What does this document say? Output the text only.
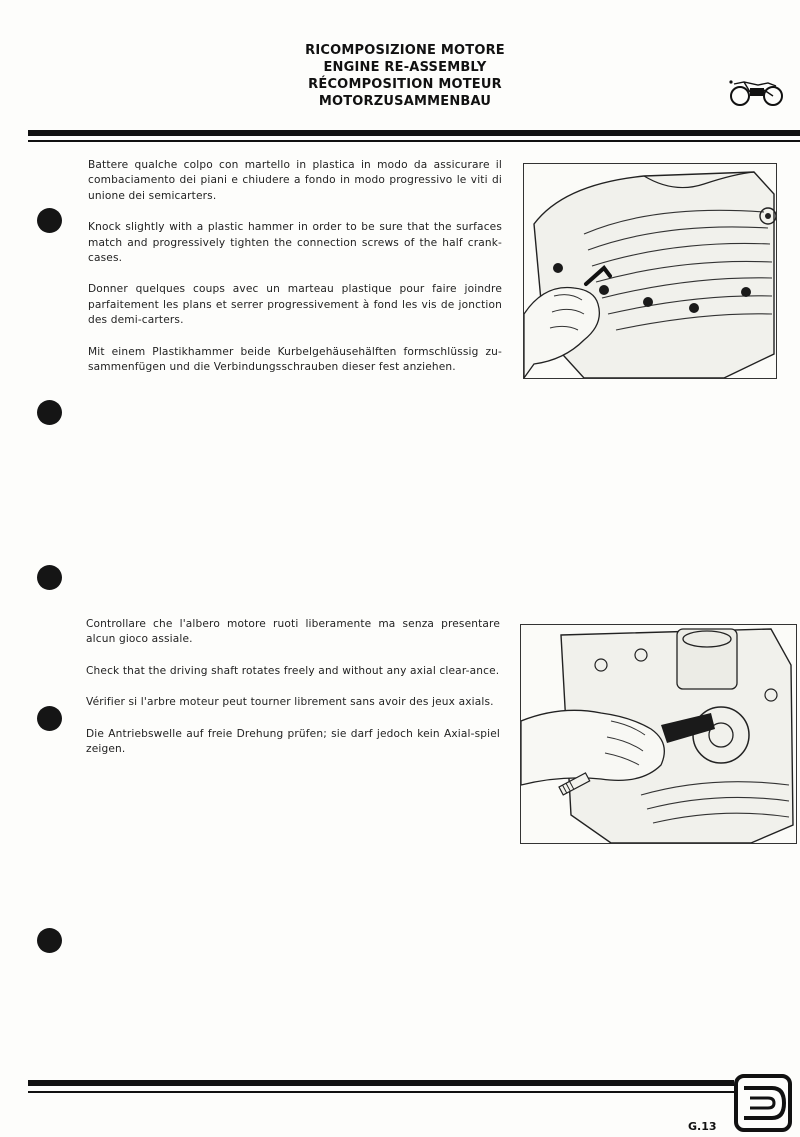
RICOMPOSIZIONE MOTORE
ENGINE RE-ASSEMBLY
RÉCOMPOSITION MOTEUR
MOTORZUSAMMENBAU

Battere qualche colpo con martello in plastica in modo da assicurare il combaciamento dei piani e chiudere a fondo in modo progressivo le viti di unione dei semicarters.

Knock slightly with a plastic hammer in order to be sure that the surfaces match and progressively tighten the connection screws of the half crank-cases.

Donner quelques coups avec un marteau plastique pour faire joindre parfaitement les plans et serrer progressivement à fond les vis de jonction des demi-carters.

Mit einem Plastikhammer beide Kurbelgehäusehälften formschlüssig zu-sammenfügen und die Verbindungsschrauben dieser fest anziehen.

Controllare che l'albero motore ruoti liberamente ma senza presentare alcun gioco assiale.

Check that the driving shaft rotates freely and without any axial clear-ance.

Vérifier si l'arbre moteur peut tourner librement sans avoir des jeux axials.

Die Antriebswelle auf freie Drehung prüfen; sie darf jedoch kein Axial-spiel zeigen.

G.13
